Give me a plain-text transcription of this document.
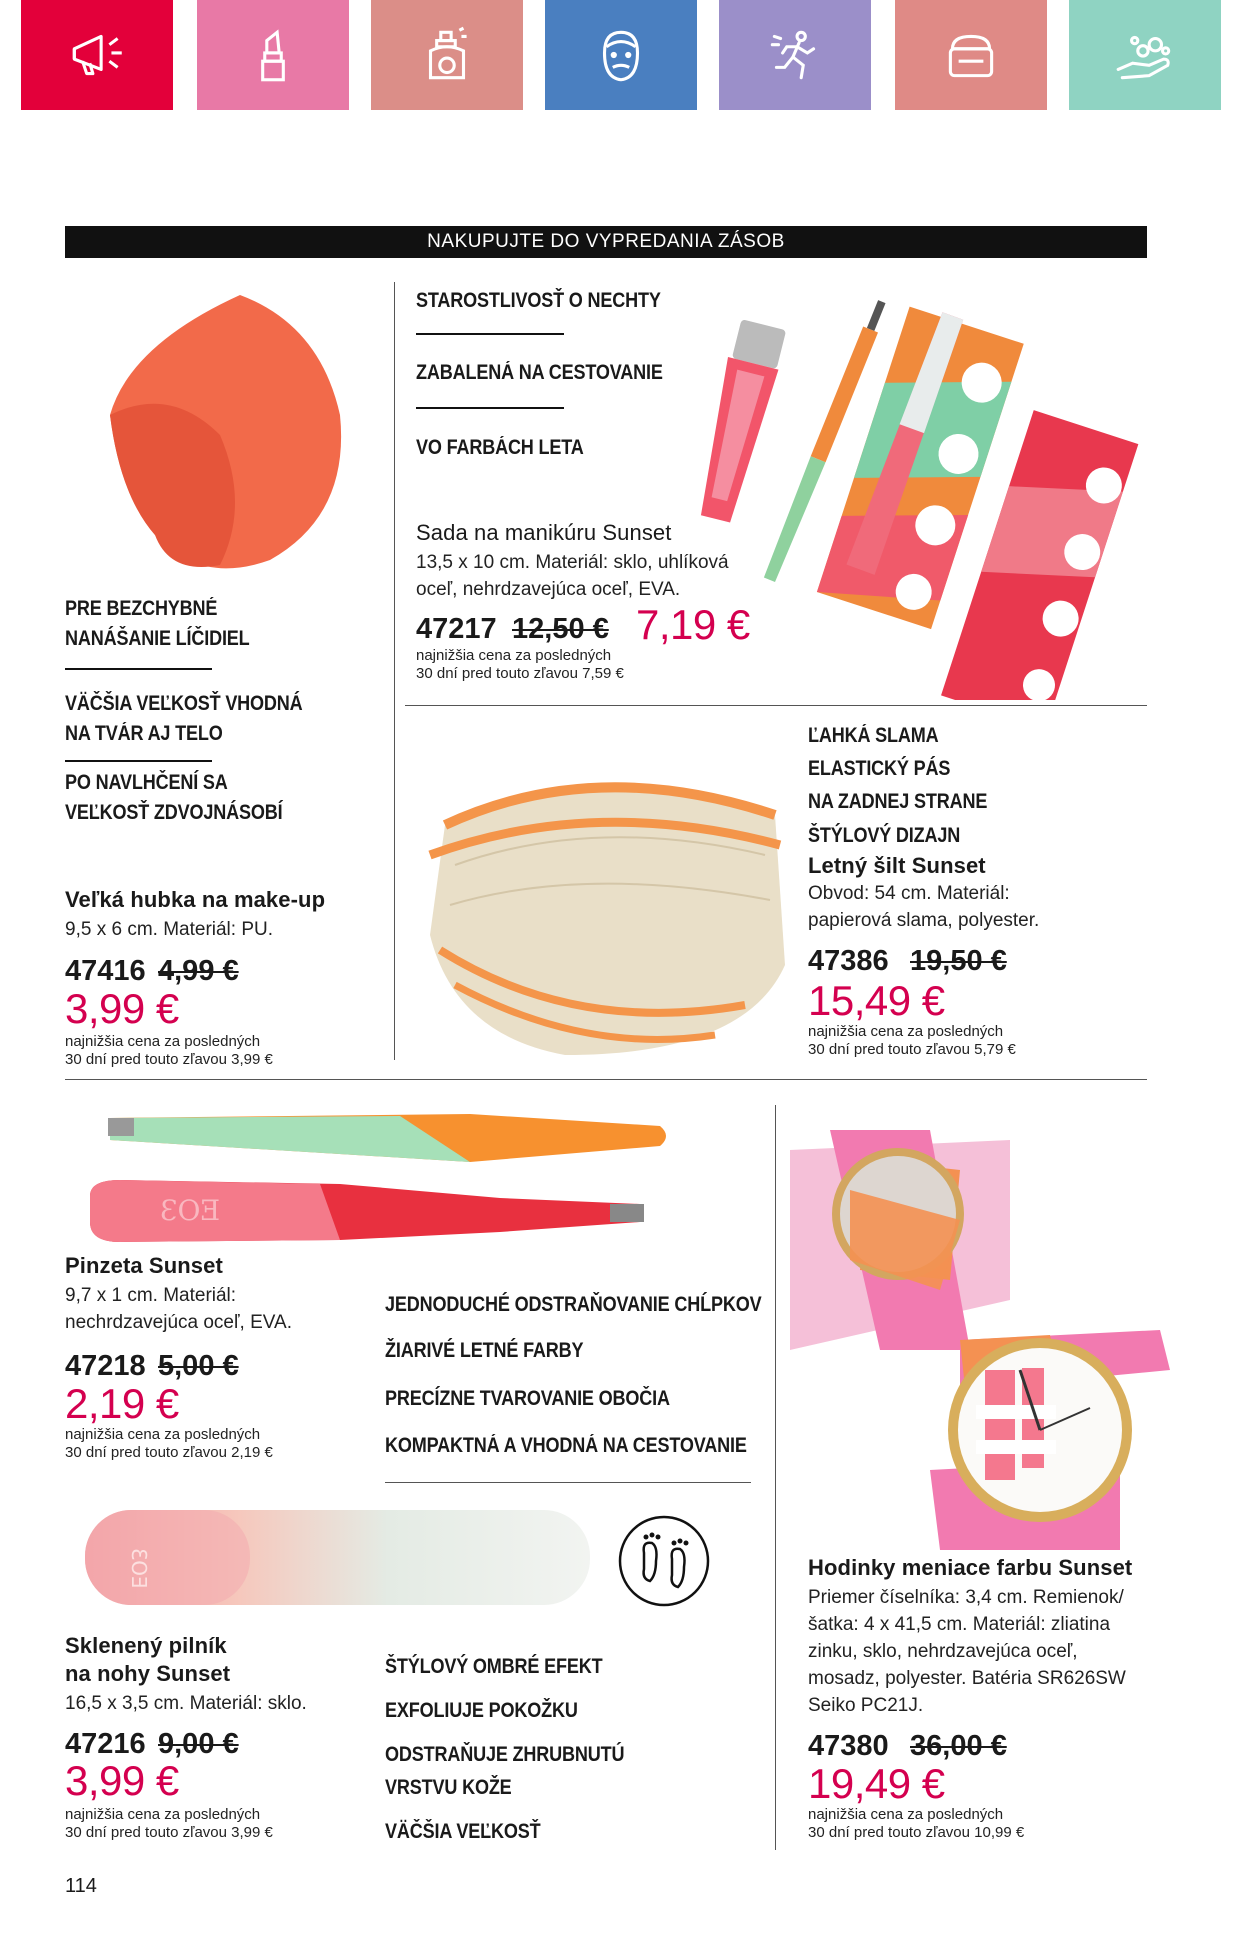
NAKUPUJTE DO VYPREDANIA ZÁSOB
STAROSTLIVOSŤ O NECHTY
ZABALENÁ NA CESTOVANIE
VO FARBÁCH LETA
Sada na manikúru Sunset
13,5 x 10 cm. Materiál: sklo, uhlíková oceľ, nehrdzavejúca oceľ, EVA.
47217 12,50 € 7,19 €
najnižšia cena za posledných
30 dní pred touto zľavou 7,59 €
PRE BEZCHYBNÉ
NANÁŠANIE LÍČIDIEL
VÄČŠIA VEĽKOSŤ VHODNÁ
NA TVÁR AJ TELO
PO NAVLHČENÍ SA
VEĽKOSŤ ZDVOJNÁSOBÍ
Veľká hubka na make-up
9,5 x 6 cm. Materiál: PU.
47416 4,99 €
3,99 €
najnižšia cena za posledných
30 dní pred touto zľavou 3,99 €
ĽAHKÁ SLAMA
ELASTICKÝ PÁS
NA ZADNEJ STRANE
ŠTÝLOVÝ DIZAJN
Letný šilt Sunset
Obvod: 54 cm. Materiál: papierová slama, polyester.
47386 19,50 €
15,49 €
najnižšia cena za posledných
30 dní pred touto zľavou 5,79 €
ƐOƎ
Pinzeta Sunset
9,7 x 1 cm. Materiál: nechrdzavejúca oceľ, EVA.
47218 5,00 €
2,19 €
najnižšia cena za posledných
30 dní pred touto zľavou 2,19 €
JEDNODUCHÉ ODSTRAŇOVANIE CHĹPKOV
ŽIARIVÉ LETNÉ FARBY
PRECÍZNE TVAROVANIE OBOČIA
KOMPAKTNÁ A VHODNÁ NA CESTOVANIE
ƐOƎ
Sklenený pilník
na nohy Sunset
16,5 x 3,5 cm. Materiál: sklo.
47216 9,00 €
3,99 €
najnižšia cena za posledných
30 dní pred touto zľavou 3,99 €
ŠTÝLOVÝ OMBRÉ EFEKT
EXFOLIUJE POKOŽKU
ODSTRAŇUJE ZHRUBNUTÚ
VRSTVU KOŽE
VÄČŠIA VEĽKOSŤ
Hodinky meniace farbu Sunset
Priemer číselníka: 3,4 cm. Remienok/šatka: 4 x 41,5 cm. Materiál: zliatina zinku, sklo, nehrdzavejúca oceľ, mosadz, polyester. Batéria SR626SW Seiko PC21J.
47380 36,00 €
19,49 €
najnižšia cena za posledných
30 dní pred touto zľavou 10,99 €
114
